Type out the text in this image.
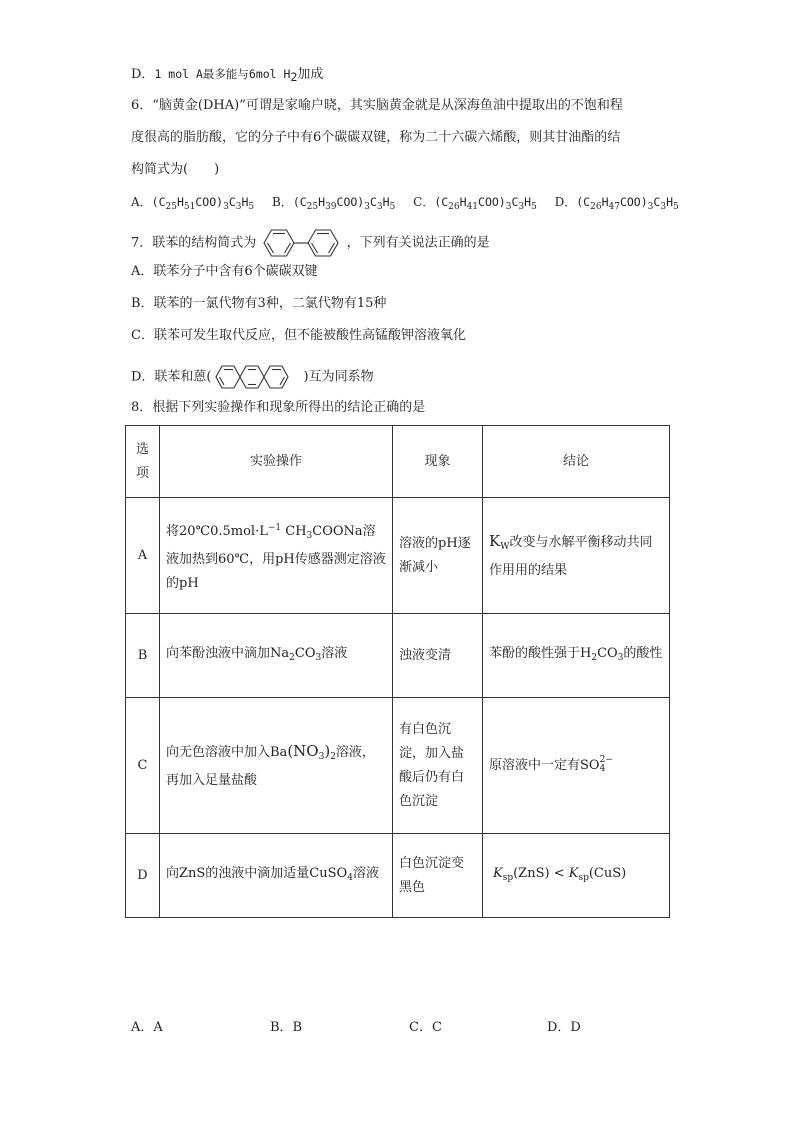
D．1 mol A最多能与6mol $H_2$加成
6．“脑黄金(DHA)”可谓是家喻户晓，其实脑黄金就是从深海鱼油中提取出的不饱和程
度很高的脂肪酸，它的分子中有6个碳碳双键，称为二十六碳六烯酸，则其甘油酯的结
构简式为(　　)
A．$(C_{25}H_{51}COO)_3C_3H_5$ B．$(C_{25}H_{39}COO)_3C_3H_5$ C．$(C_{26}H_{41}COO)_3C_3H_5$ D．$(C_{26}H_{47}COO)_3C_3H_5$
7．联苯的结构简式为	，下列有关说法正确的是
A．联苯分子中含有6个碳碳双键
B．联苯的一氯代物有3种，二氯代物有15种
C．联苯可发生取代反应，但不能被酸性高锰酸钾溶液氧化
D．联苯和蒽(	)互为同系物
8．根据下列实验操作和现象所得出的结论正确的是
选
项	实验操作	现象	结论
A	将$20℃0.5mol\cdot L^{-1}$ $CH_3COONa$溶液加热到60℃，用pH传感器测定溶液的pH	溶液的pH逐渐减小	$K_W$改变与水解平衡移动共同作用用的结果
B	向苯酚浊液中滴加$Na_2CO_3$溶液	浊液变清	苯酚的酸性强于$H_2CO_3$的酸性
C	向无色溶液中加入$Ba(NO_3)_2$溶液，再加入足量盐酸	有白色沉淀，加入盐酸后仍有白色沉淀	原溶液中一定有SO 2−
4

D	向ZnS的浊液中滴加适量CuSO$_4$溶液	白色沉淀变黑色	$K_{sp}(ZnS) < K_{sp}(CuS)$
A．A	B．B	C．C	D．D
